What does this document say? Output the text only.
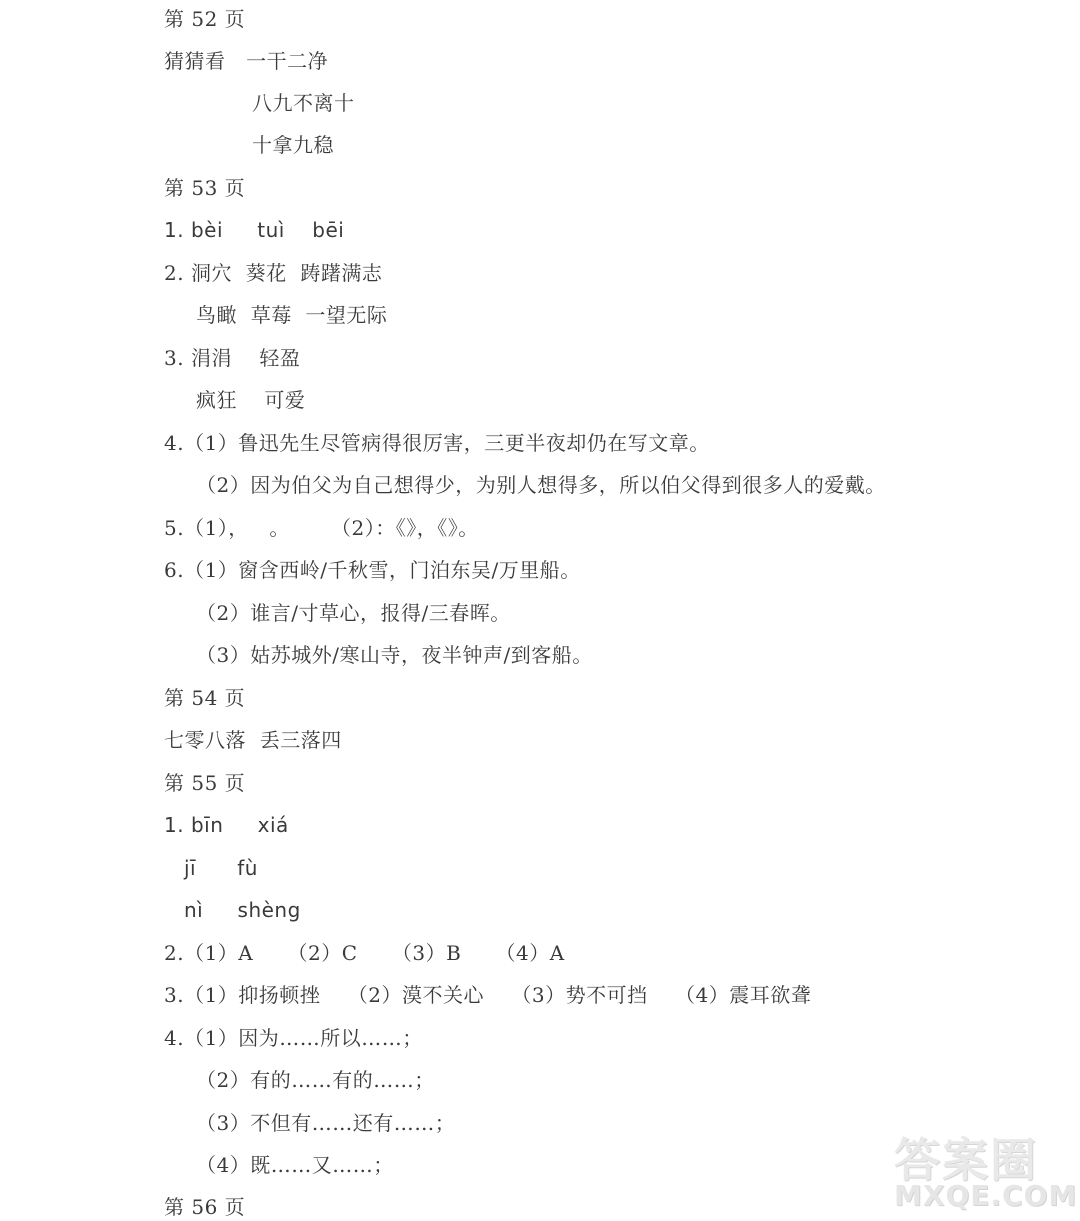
第 52 页
猜猜看   一干二净
八九不离十
十拿九稳
第 53 页
1. bèi     tuì    bēi
2. 洞穴  葵花  踌躇满志
鸟瞰  草莓  一望无际
3. 涓涓    轻盈
疯狂    可爱
4.（1）鲁迅先生尽管病得很厉害，三更半夜却仍在写文章。
（2）因为伯父为自己想得少，为别人想得多，所以伯父得到很多人的爱戴。
5.（1），   。      （2）：《》，《》。
6.（1）窗含西岭/千秋雪，门泊东吴/万里船。
（2）谁言/寸草心，报得/三春晖。
（3）姑苏城外/寒山寺，夜半钟声/到客船。
第 54 页
七零八落  丢三落四
第 55 页
1. bīn     xiá
jī      fù
nì     shèng
2.（1）A     （2）C     （3）B     （4）A
3.（1）抑扬顿挫    （2）漠不关心    （3）势不可挡    （4）震耳欲聋
4.（1）因为……所以……；
（2）有的……有的……；
（3）不但有……还有……；
（4）既……又……；
第 56 页
答案圈
MXQE.COM
